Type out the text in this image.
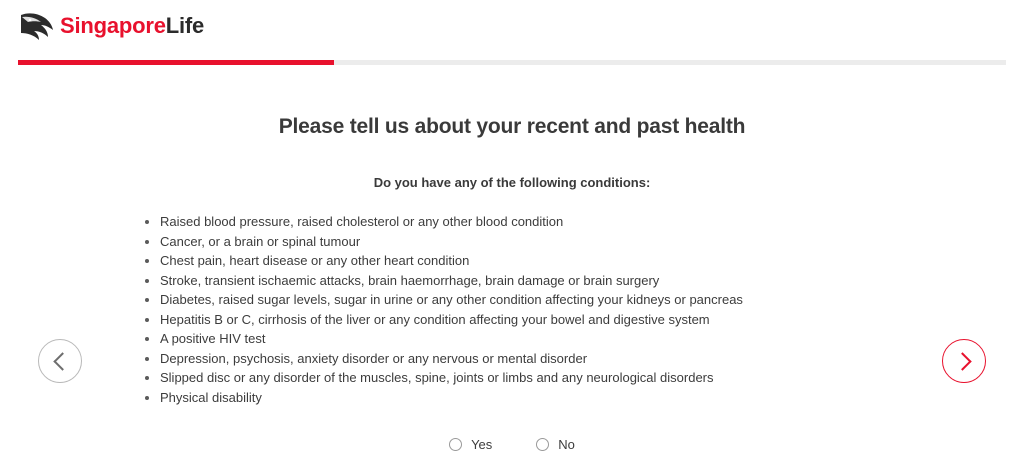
SingaporeLife
Please tell us about your recent and past health
Do you have any of the following conditions:
Raised blood pressure, raised cholesterol or any other blood condition
Cancer, or a brain or spinal tumour
Chest pain, heart disease or any other heart condition
Stroke, transient ischaemic attacks, brain haemorrhage, brain damage or brain surgery
Diabetes, raised sugar levels, sugar in urine or any other condition affecting your kidneys or pancreas
Hepatitis B or C, cirrhosis of the liver or any condition affecting your bowel and digestive system
A positive HIV test
Depression, psychosis, anxiety disorder or any nervous or mental disorder
Slipped disc or any disorder of the muscles, spine, joints or limbs and any neurological disorders
Physical disability
Yes	No
